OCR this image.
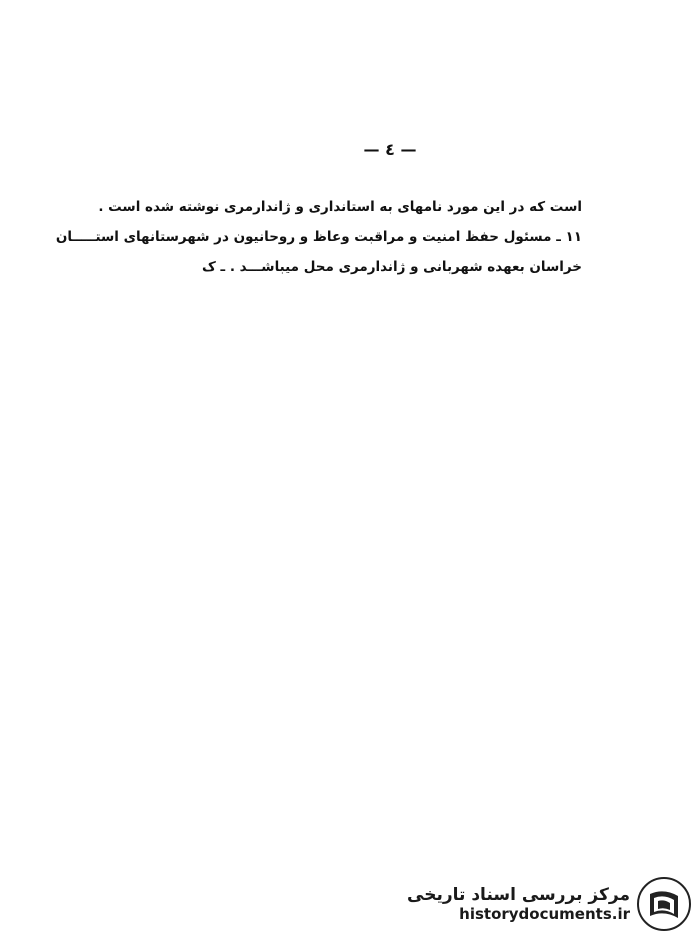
— ٤ —
است که در این مورد نامهای به استانداری و ژاندارمری نوشته شده است .
۱۱ ـ مسئول حفظ امنیت و مراقبت وعاظ و روحانیون در شهرستانهای استـــــان
خراسان بعهده شهربانی و ژاندارمری محل میباشـــد . ـ ک
مرکز بررسی اسناد تاریخی
historydocuments.ir
